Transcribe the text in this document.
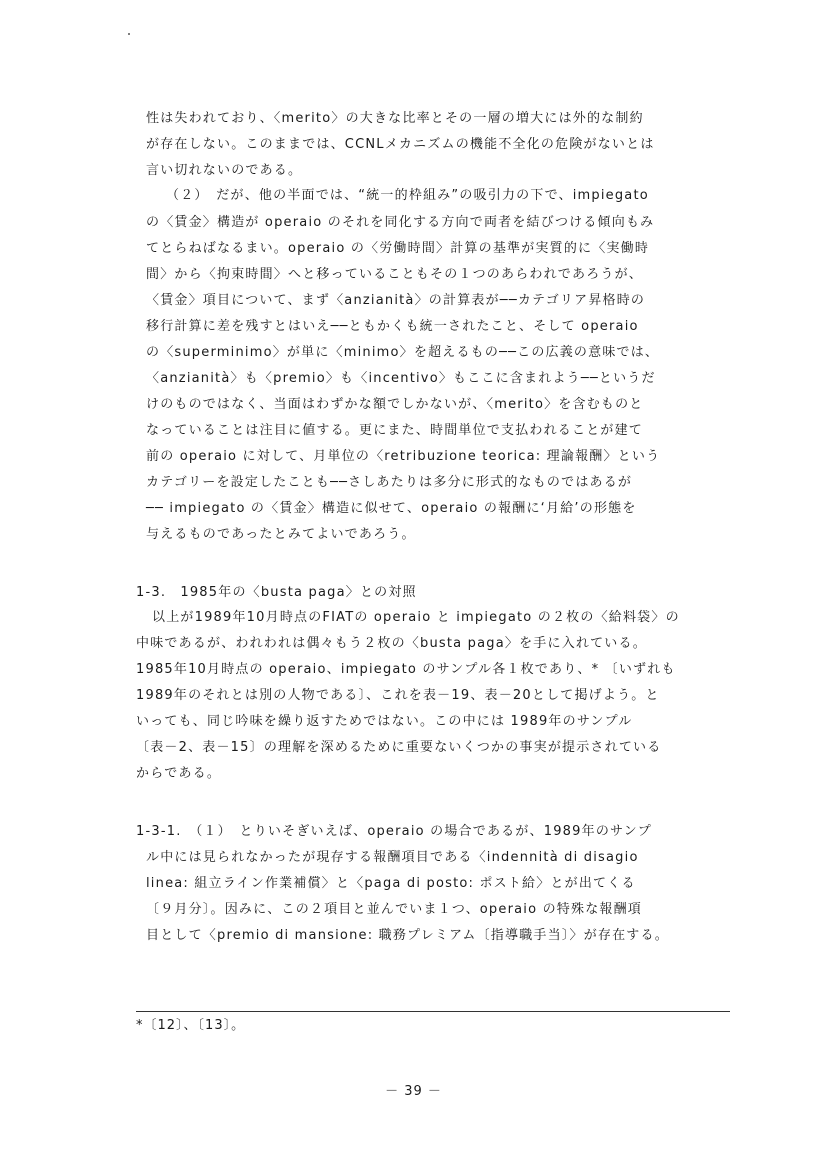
性は失われており、〈merito〉の大きな比率とその一層の増大には外的な制約
が存在しない。このままでは、CCNLメカニズムの機能不全化の危険がないとは
言い切れないのである。
（２）　だが、他の半面では、“統一的枠組み”の吸引力の下で、impiegato
の〈賃金〉構造が operaio のそれを同化する方向で両者を結びつける傾向もみ
てとらねばなるまい。operaio の〈労働時間〉計算の基準が実質的に〈実働時
間〉から〈拘束時間〉へと移っていることもその１つのあらわれであろうが、
〈賃金〉項目について、まず〈anzianità〉の計算表が──カテゴリア昇格時の
移行計算に差を残すとはいえ──ともかくも統一されたこと、そして operaio
の〈superminimo〉が単に〈minimo〉を超えるもの──この広義の意味では、
〈anzianità〉も〈premio〉も〈incentivo〉もここに含まれよう──というだ
けのものではなく、当面はわずかな額でしかないが、〈merito〉を含むものと
なっていることは注目に値する。更にまた、時間単位で支払われることが建て
前の operaio に対して、月単位の〈retribuzione teorica: 理論報酬〉という
カテゴリーを設定したことも──さしあたりは多分に形式的なものではあるが
── impiegato の〈賃金〉構造に似せて、operaio の報酬に‘月給’の形態を
与えるものであったとみてよいであろう。
1-3.　1985年の〈busta paga〉との対照
以上が1989年10月時点のFIATの operaio と impiegato の２枚の〈給料袋〉の
中味であるが、われわれは偶々もう２枚の〈busta paga〉を手に入れている。
1985年10月時点の operaio、impiegato のサンプル各１枚であり、* 〔いずれも
1989年のそれとは別の人物である〕、これを表－19、表－20として掲げよう。と
いっても、同じ吟味を繰り返すためではない。この中には 1989年のサンプル
〔表－2、表－15〕の理解を深めるために重要ないくつかの事実が提示されている
からである。
1-3-1.　（１）　とりいそぎいえば、operaio の場合であるが、1989年のサンプ
ル中には見られなかったが現存する報酬項目である〈indennità di disagio
linea: 組立ライン作業補償〉と〈paga di posto: ポスト給〉とが出てくる
〔９月分〕。因みに、この２項目と並んでいま１つ、operaio の特殊な報酬項
目として〈premio di mansione: 職務プレミアム〔指導職手当〕〉が存在する。
*〔12〕、〔13〕。
－ 39 －
